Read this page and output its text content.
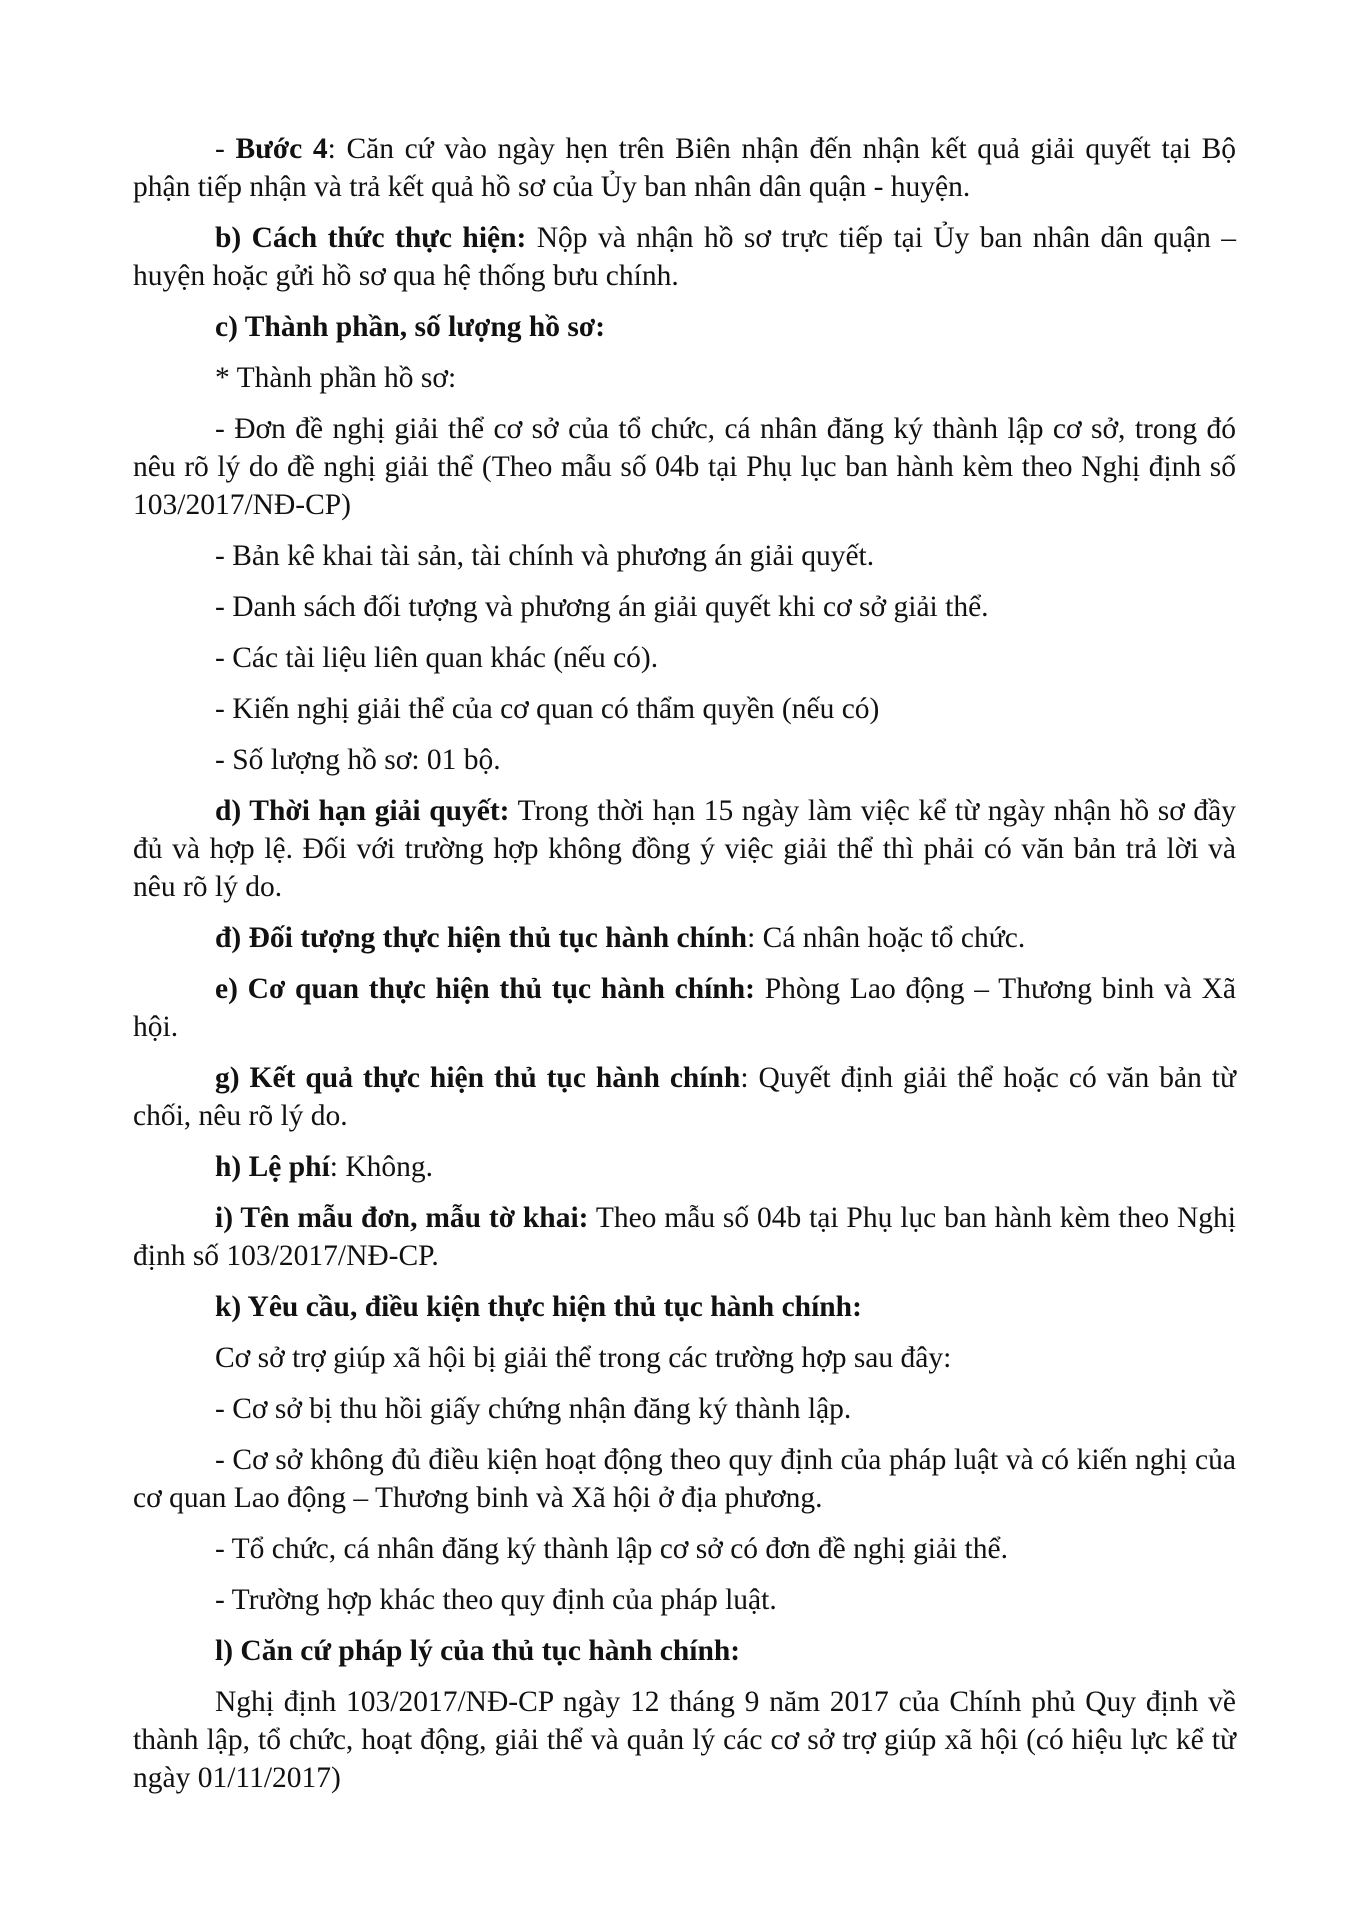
- Bước 4: Căn cứ vào ngày hẹn trên Biên nhận đến nhận kết quả giải quyết tại Bộ phận tiếp nhận và trả kết quả hồ sơ của Ủy ban nhân dân quận - huyện.

b) Cách thức thực hiện: Nộp và nhận hồ sơ trực tiếp tại Ủy ban nhân dân quận – huyện hoặc gửi hồ sơ qua hệ thống bưu chính.

c) Thành phần, số lượng hồ sơ:

* Thành phần hồ sơ:

- Đơn đề nghị giải thể cơ sở của tổ chức, cá nhân đăng ký thành lập cơ sở, trong đó nêu rõ lý do đề nghị giải thể (Theo mẫu số 04b tại Phụ lục ban hành kèm theo Nghị định số 103/2017/NĐ-CP)

- Bản kê khai tài sản, tài chính và phương án giải quyết.

- Danh sách đối tượng và phương án giải quyết khi cơ sở giải thể.

- Các tài liệu liên quan khác (nếu có).

- Kiến nghị giải thể của cơ quan có thẩm quyền (nếu có)

- Số lượng hồ sơ: 01 bộ.

d) Thời hạn giải quyết: Trong thời hạn 15 ngày làm việc kể từ ngày nhận hồ sơ đầy đủ và hợp lệ. Đối với trường hợp không đồng ý việc giải thể thì phải có văn bản trả lời và nêu rõ lý do.

đ) Đối tượng thực hiện thủ tục hành chính: Cá nhân hoặc tổ chức.

e) Cơ quan thực hiện thủ tục hành chính: Phòng Lao động – Thương binh và Xã hội.

g) Kết quả thực hiện thủ tục hành chính: Quyết định giải thể hoặc có văn bản từ chối, nêu rõ lý do.

h) Lệ phí: Không.

i) Tên mẫu đơn, mẫu tờ khai: Theo mẫu số 04b tại Phụ lục ban hành kèm theo Nghị định số 103/2017/NĐ-CP.

k) Yêu cầu, điều kiện thực hiện thủ tục hành chính:

Cơ sở trợ giúp xã hội bị giải thể trong các trường hợp sau đây:

- Cơ sở bị thu hồi giấy chứng nhận đăng ký thành lập.

- Cơ sở không đủ điều kiện hoạt động theo quy định của pháp luật và có kiến nghị của cơ quan Lao động – Thương binh và Xã hội ở địa phương.

- Tổ chức, cá nhân đăng ký thành lập cơ sở có đơn đề nghị giải thể.

- Trường hợp khác theo quy định của pháp luật.

l) Căn cứ pháp lý của thủ tục hành chính:

Nghị định 103/2017/NĐ-CP ngày 12 tháng 9 năm 2017 của Chính phủ Quy định về thành lập, tổ chức, hoạt động, giải thể và quản lý các cơ sở trợ giúp xã hội (có hiệu lực kể từ ngày 01/11/2017)
